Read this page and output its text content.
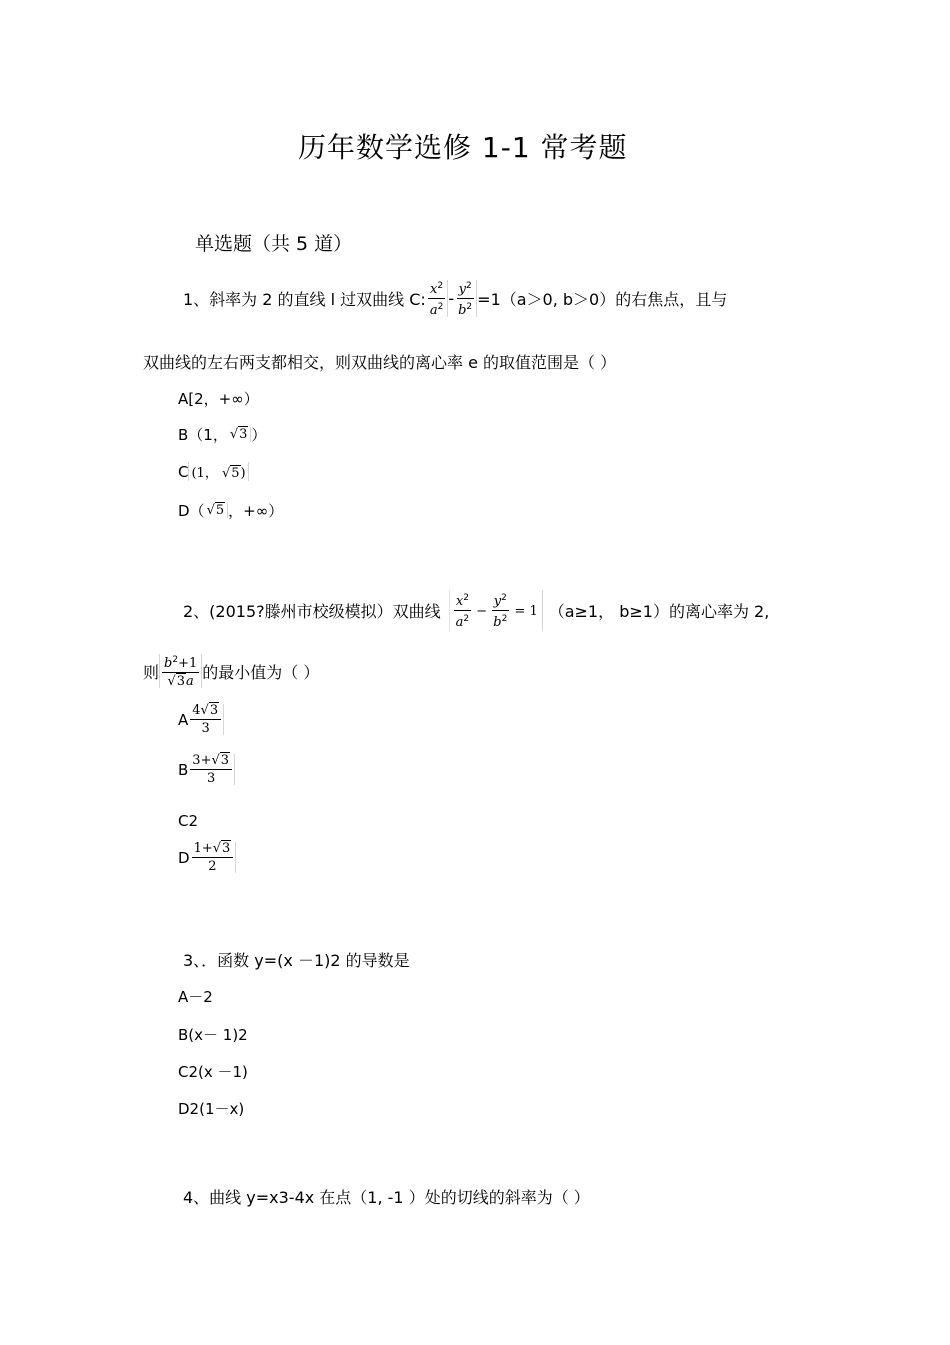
历年数学选修 1-1 常考题
单选题（共 5 道）
1、斜率为 2 的直线 l 过双曲线 C: $\frac{x^2}{a^2} - \frac{y^2}{b^2} =1(a>0$, b＞0）的右焦点，且与
双曲线的左右两支都相交，则双曲线的离心率 e 的取值范围是（ ）
A[2，+∞）
B（1， √3 ）
C (1， √5)
D（ √5 ，+∞）
2、(2015?滕州市校级模拟）双曲线 $\frac{x^2}{a^2} - \frac{y^2}{b^2} = 1$ （a≥1， b≥1）的离心率为 2,
则 $\frac{b^2+1}{√3a}$ 的最小值为（ ）
A $\frac{4√3}{3}$
B $\frac{3+√3}{3}$
C2
D $\frac{1+√3}{2}$
3、．函数 y=(x －1)2 的导数是
A－2
B(x－ 1)2
C2(x －1)
D2(1－x)
4、曲线 y=x3-4x 在点（1, -1 ）处的切线的斜率为（ ）
